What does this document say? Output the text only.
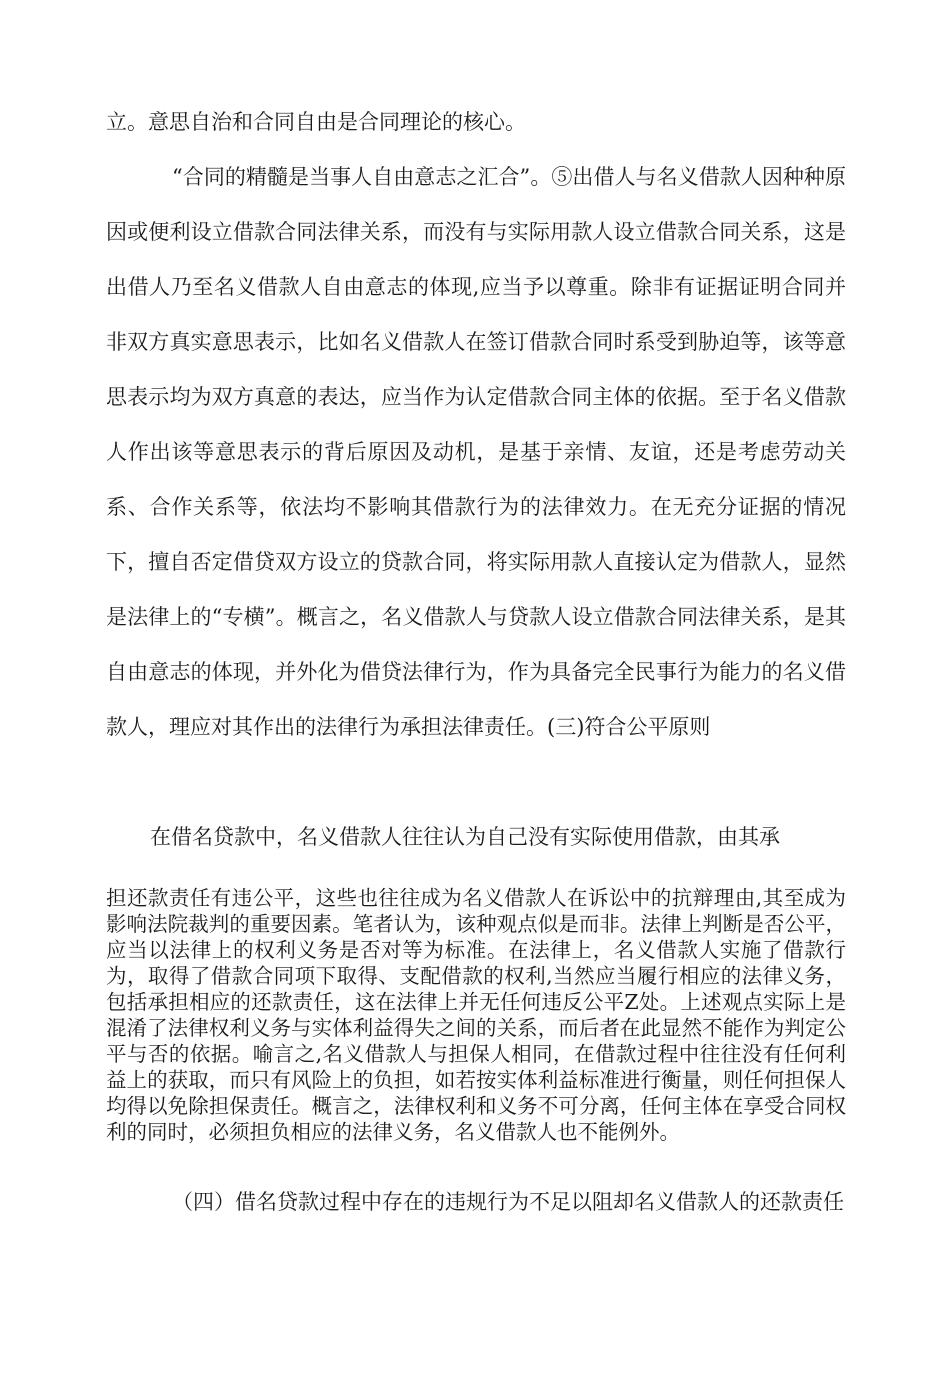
立。意思自治和合同自由是合同理论的核心。

“合同的精髓是当事人自由意志之汇合”。⑤出借人与名义借款人因种种原因或便利设立借款合同法律关系，而没有与实际用款人设立借款合同关系，这是出借人乃至名义借款人自由意志的体现,应当予以尊重。除非有证据证明合同并非双方真实意思表示，比如名义借款人在签订借款合同时系受到胁迫等，该等意思表示均为双方真意的表达，应当作为认定借款合同主体的依据。至于名义借款人作出该等意思表示的背后原因及动机，是基于亲情、友谊，还是考虑劳动关系、合作关系等，依法均不影响其借款行为的法律效力。在无充分证据的情况下，擅自否定借贷双方设立的贷款合同，将实际用款人直接认定为借款人，显然是法律上的“专横”。概言之，名义借款人与贷款人设立借款合同法律关系，是其自由意志的体现，并外化为借贷法律行为，作为具备完全民事行为能力的名义借款人，理应对其作出的法律行为承担法律责任。(三)符合公平原则

在借名贷款中，名义借款人往往认为自己没有实际使用借款，由其承

担还款责任有违公平，这些也往往成为名义借款人在诉讼中的抗辩理由,其至成为影响法院裁判的重要因素。笔者认为，该种观点似是而非。法律上判断是否公平，应当以法律上的权利义务是否对等为标准。在法律上，名义借款人实施了借款行为，取得了借款合同项下取得、支配借款的权利,当然应当履行相应的法律义务，包括承担相应的还款责任，这在法律上并无任何违反公平Z处。上述观点实际上是混淆了法律权利义务与实体利益得失之间的关系，而后者在此显然不能作为判定公平与否的依据。喻言之,名义借款人与担保人相同，在借款过程中往往没有任何利益上的获取，而只有风险上的负担，如若按实体利益标准进行衡量，则任何担保人均得以免除担保责任。概言之，法律权利和义务不可分离，任何主体在享受合同权利的同时，必须担负相应的法律义务，名义借款人也不能例外。

（四）借名贷款过程中存在的违规行为不足以阻却名义借款人的还款责任
